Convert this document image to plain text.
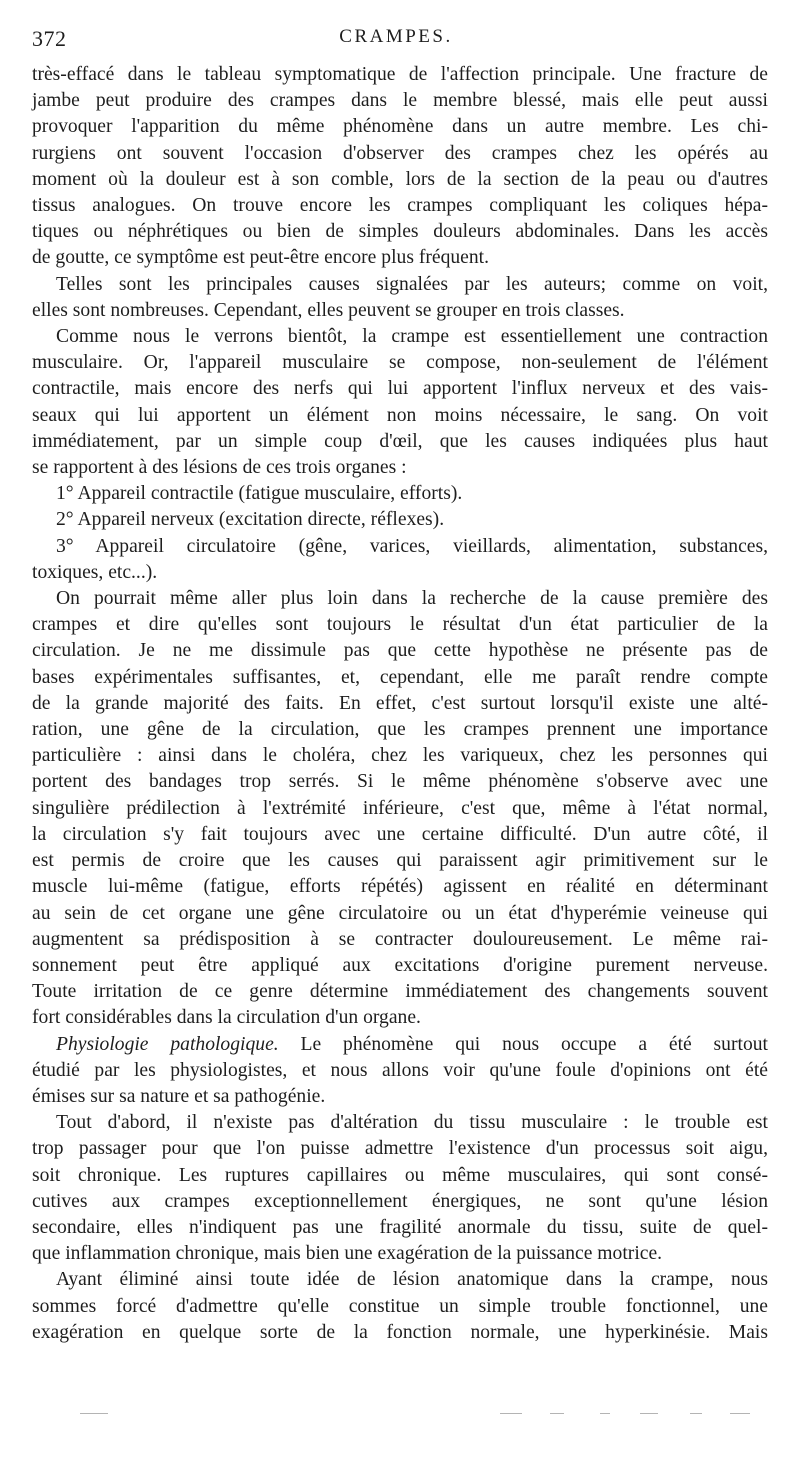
372	CRAMPES.
très-effacé dans le tableau symptomatique de l'affection principale. Une fracture de
jambe peut produire des crampes dans le membre blessé, mais elle peut aussi
provoquer l'apparition du même phénomène dans un autre membre. Les chi-
rurgiens ont souvent l'occasion d'observer des crampes chez les opérés au
moment où la douleur est à son comble, lors de la section de la peau ou d'autres
tissus analogues. On trouve encore les crampes compliquant les coliques hépa-
tiques ou néphrétiques ou bien de simples douleurs abdominales. Dans les accès
de goutte, ce symptôme est peut-être encore plus fréquent.
Telles sont les principales causes signalées par les auteurs; comme on voit,
elles sont nombreuses. Cependant, elles peuvent se grouper en trois classes.
Comme nous le verrons bientôt, la crampe est essentiellement une contraction
musculaire. Or, l'appareil musculaire se compose, non-seulement de l'élément
contractile, mais encore des nerfs qui lui apportent l'influx nerveux et des vais-
seaux qui lui apportent un élément non moins nécessaire, le sang. On voit
immédiatement, par un simple coup d'œil, que les causes indiquées plus haut
se rapportent à des lésions de ces trois organes :
1° Appareil contractile (fatigue musculaire, efforts).
2° Appareil nerveux (excitation directe, réflexes).
3° Appareil circulatoire (gêne, varices, vieillards, alimentation, substances,
toxiques, etc...).
On pourrait même aller plus loin dans la recherche de la cause première des
crampes et dire qu'elles sont toujours le résultat d'un état particulier de la
circulation. Je ne me dissimule pas que cette hypothèse ne présente pas de
bases expérimentales suffisantes, et, cependant, elle me paraît rendre compte
de la grande majorité des faits. En effet, c'est surtout lorsqu'il existe une alté-
ration, une gêne de la circulation, que les crampes prennent une importance
particulière : ainsi dans le choléra, chez les variqueux, chez les personnes qui
portent des bandages trop serrés. Si le même phénomène s'observe avec une
singulière prédilection à l'extrémité inférieure, c'est que, même à l'état normal,
la circulation s'y fait toujours avec une certaine difficulté. D'un autre côté, il
est permis de croire que les causes qui paraissent agir primitivement sur le
muscle lui-même (fatigue, efforts répétés) agissent en réalité en déterminant
au sein de cet organe une gêne circulatoire ou un état d'hyperémie veineuse qui
augmentent sa prédisposition à se contracter douloureusement. Le même rai-
sonnement peut être appliqué aux excitations d'origine purement nerveuse.
Toute irritation de ce genre détermine immédiatement des changements souvent
fort considérables dans la circulation d'un organe.
Physiologie pathologique. Le phénomène qui nous occupe a été surtout
étudié par les physiologistes, et nous allons voir qu'une foule d'opinions ont été
émises sur sa nature et sa pathogénie.
Tout d'abord, il n'existe pas d'altération du tissu musculaire : le trouble est
trop passager pour que l'on puisse admettre l'existence d'un processus soit aigu,
soit chronique. Les ruptures capillaires ou même musculaires, qui sont consé-
cutives aux crampes exceptionnellement énergiques, ne sont qu'une lésion
secondaire, elles n'indiquent pas une fragilité anormale du tissu, suite de quel-
que inflammation chronique, mais bien une exagération de la puissance motrice.
Ayant éliminé ainsi toute idée de lésion anatomique dans la crampe, nous
sommes forcé d'admettre qu'elle constitue un simple trouble fonctionnel, une
exagération en quelque sorte de la fonction normale, une hyperkinésie. Mais
